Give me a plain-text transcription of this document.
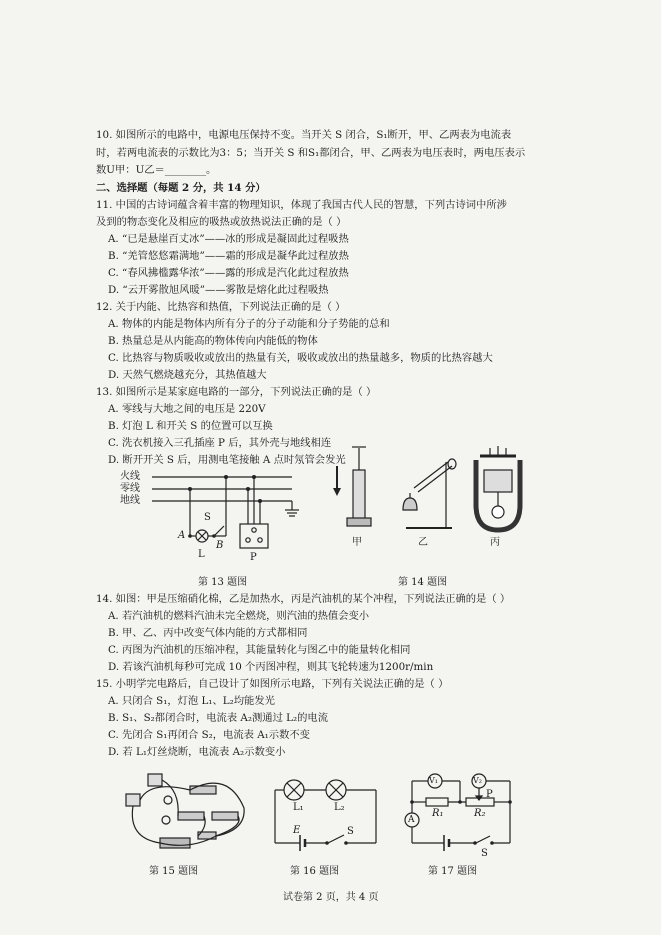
10. 如图所示的电路中，电源电压保持不变。当开关 S 闭合，S₁断开，甲、乙两表为电流表
时，若两电流表的示数比为3：5；当开关 S 和S₁都闭合，甲、乙两表为电压表时，两电压表示
数U甲：U乙＝________。
二、选择题（每题 2 分，共 14 分）
11. 中国的古诗词蕴含着丰富的物理知识，体现了我国古代人民的智慧，下列古诗词中所涉
及到的物态变化及相应的吸热或放热说法正确的是（ ）
A. “已是悬崖百丈冰”——冰的形成是凝固此过程吸热
B. “羌管悠悠霜满地”——霜的形成是凝华此过程放热
C. “春风拂槛露华浓”——露的形成是汽化此过程放热
D. “云开雾散旭风暖”——雾散是熔化此过程吸热
12. 关于内能、比热容和热值，下列说法正确的是（ ）
A. 物体的内能是物体内所有分子的分子动能和分子势能的总和
B. 热量总是从内能高的物体传向内能低的物体
C. 比热容与物质吸收或放出的热量有关，吸收或放出的热量越多，物质的比热容越大
D. 天然气燃烧越充分，其热值越大
13. 如图所示是某家庭电路的一部分，下列说法正确的是（ ）
A. 零线与大地之间的电压是 220V
B. 灯泡 L 和开关 S 的位置可以互换
C. 洗衣机接入三孔插座 P 后，其外壳与地线相连
D. 断开开关 S 后，用测电笔接触 A 点时氖管会发光
火线
零线
地线
S
A
B
L	P
第 13 题图
甲	乙	丙
第 14 题图
14. 如图：甲是压缩硝化棉，乙是加热水，丙是汽油机的某个冲程，下列说法正确的是（ ）
A. 若汽油机的燃料汽油未完全燃烧，则汽油的热值会变小
B. 甲、乙、丙中改变气体内能的方式都相同
C. 丙图为汽油机的压缩冲程，其能量转化与图乙中的能量转化相同
D. 若该汽油机每秒可完成 10 个丙图冲程，则其飞轮转速为1200r/min
15. 小明学完电路后，自己设计了如图所示电路，下列有关说法正确的是（ ）
A. 只闭合 S₁，灯泡 L₁、L₂均能发光
B. S₁、S₂都闭合时，电流表 A₂测通过 L₂的电流
C. 先闭合 S₁再闭合 S₂，电流表 A₁示数不变
D. 若 L₁灯丝烧断，电流表 A₂示数变小
第 15 题图
L₁	L₂
E	S
第 16 题图
V₁	V₂
A
R₁	R₂
P
S
第 17 题图
试卷第 2 页，共 4 页
